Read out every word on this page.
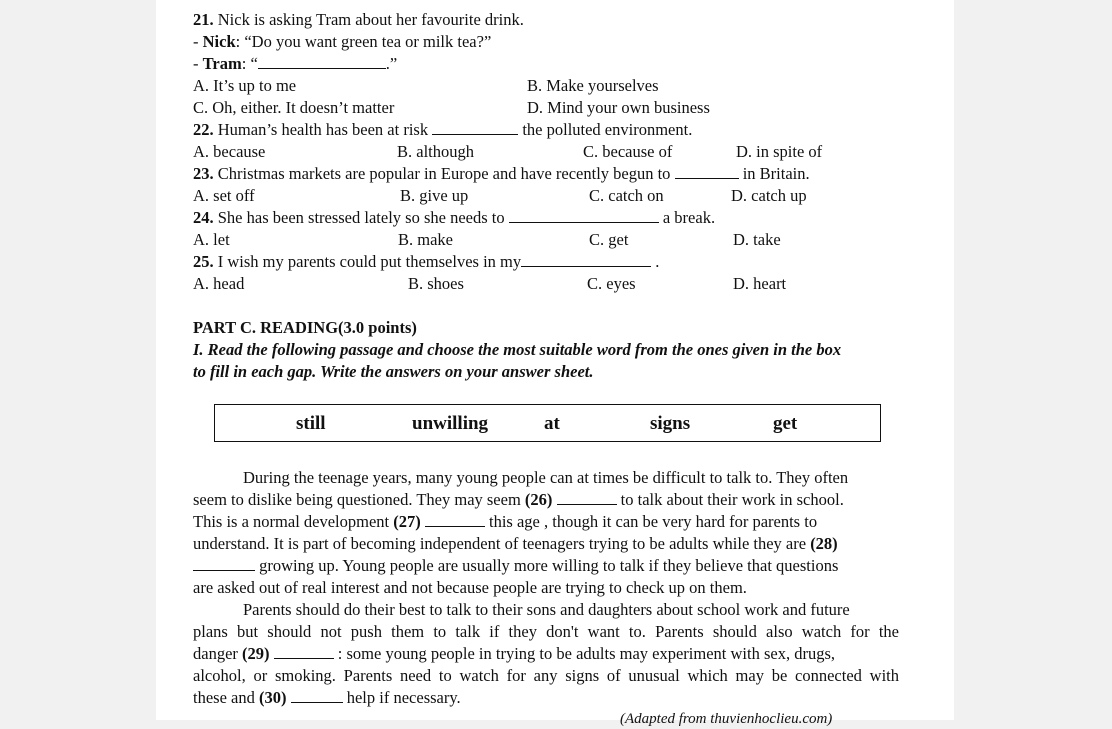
21. Nick is asking Tram about her favourite drink.
- Nick: “Do you want green tea or milk tea?”
- Tram: “	.”
A. It’s up to me	B. Make yourselves
C. Oh, either. It doesn’t matter	D. Mind your own business
22. Human’s health has been at risk	the polluted environment.
A. because	B. although	C. because of	D. in spite of
23. Christmas markets are popular in Europe and have recently begun to	in Britain.
A. set off	B. give up	C. catch on	D. catch up
24. She has been stressed lately so she needs to	a break.
A. let	B. make	C. get	D. take
25. I wish my parents could put themselves in my	.
A. head	B. shoes	C. eyes	D. heart
PART C. READING(3.0 points)
I. Read the following passage and choose the most suitable word from the ones given in the box
to fill in each gap. Write the answers on your answer sheet.
still	unwilling	at	signs	get
During the teenage years, many young people can at times be difficult to talk to. They often
seem to dislike being questioned. They may seem (26)	to talk about their work in school.
This is a normal development (27)	this age , though it can be very hard for parents to
understand. It is part of becoming independent of teenagers trying to be adults while they are (28)
growing up. Young people are usually more willing to talk if they believe that questions
are asked out of real interest and not because people are trying to check up on them.
Parents should do their best to talk to their sons and daughters about school work and future
plans but should not push them to talk if they don't want to. Parents should also watch for the
danger (29)	: some young people in trying to be adults may experiment with sex, drugs,
alcohol, or smoking. Parents need to watch for any signs of unusual which may be connected with
these and (30)	help if necessary.
(Adapted from thuvienhoclieu.com)
